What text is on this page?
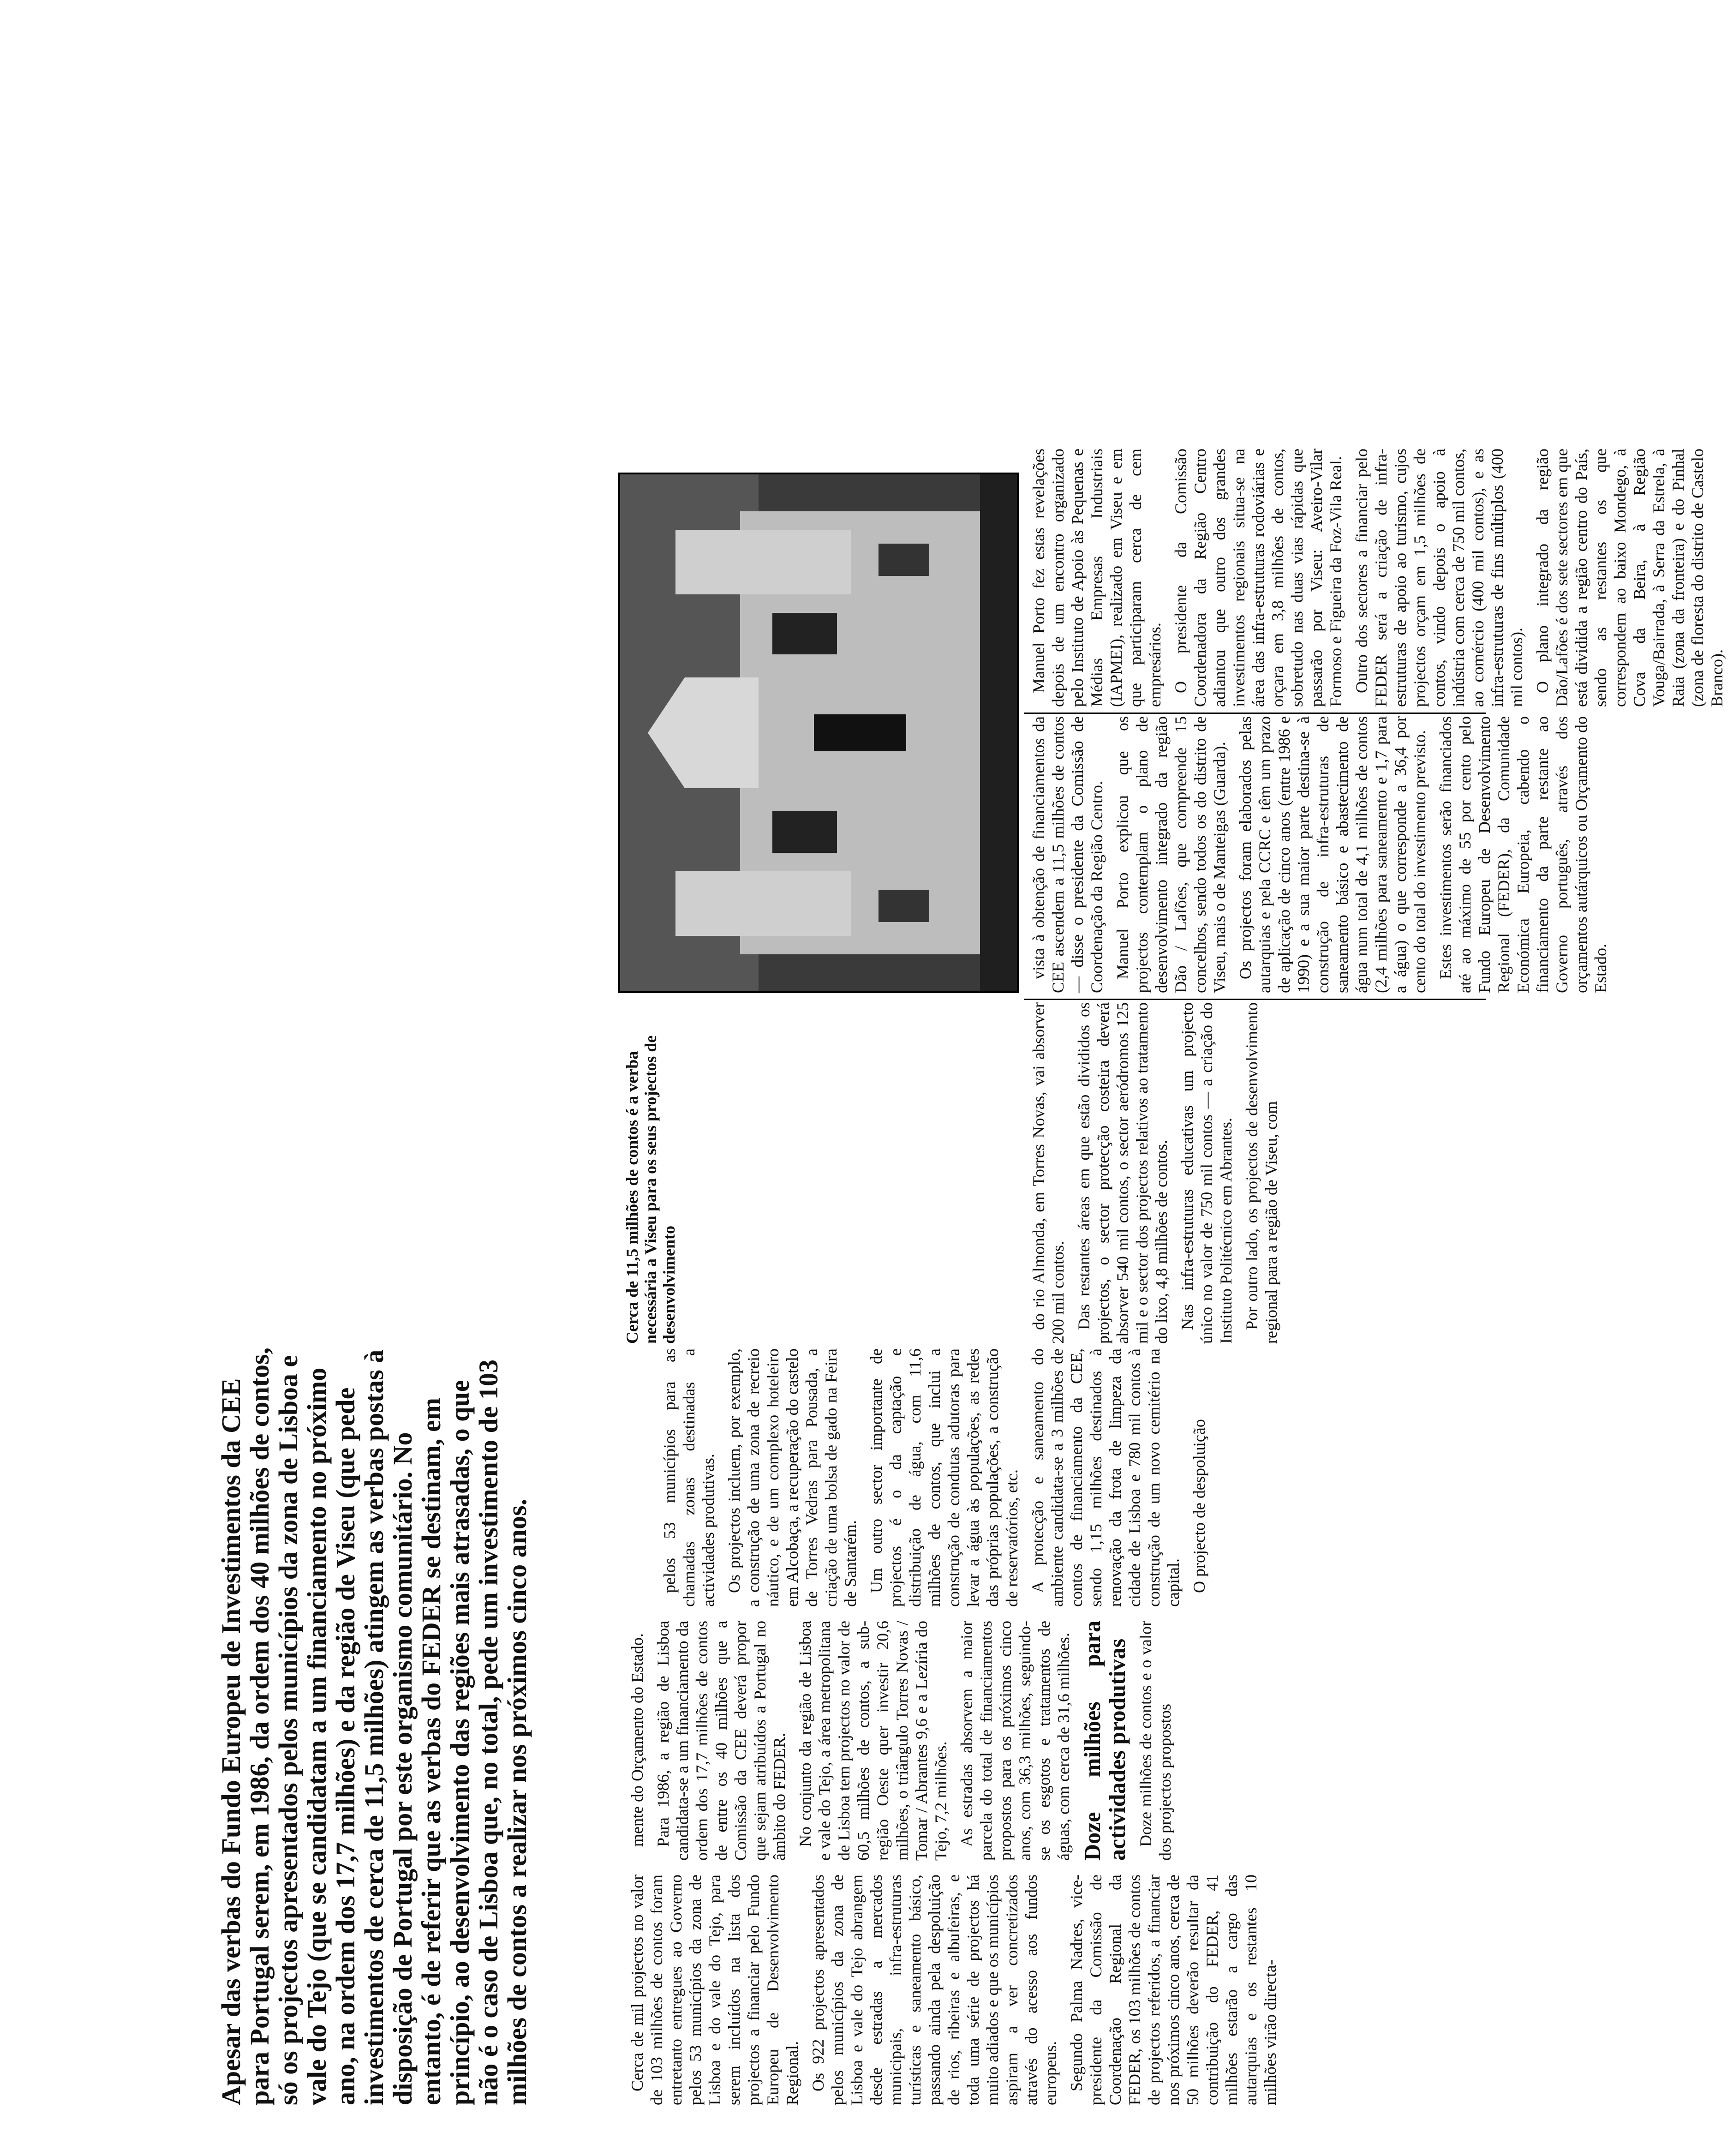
Apesar das verbas do Fundo Europeu de Investimentos da CEE para Portugal serem, em 1986, da ordem dos 40 milhões de contos, só os projectos apresentados pelos municípios da zona de Lisboa e vale do Tejo (que se candidatam a um financiamento no próximo ano, na ordem dos 17,7 milhões) e da região de Viseu (que pede investimentos de cerca de 11,5 milhões) atingem as verbas postas à disposição de Portugal por este organismo comunitário. No entanto, é de referir que as verbas do FEDER se destinam, em princípio, ao desenvolvimento das regiões mais atrasadas, o que não é o caso de Lisboa que, no total, pede um investimento de 103 milhões de contos a realizar nos próximos cinco anos.	Cerca de mil projectos no valor de 103 milhões de contos foram entretanto entregues ao Governo pelos 53 municípios da zona de Lisboa e do vale do Tejo, para serem incluídos na lista dos projectos a financiar pelo Fundo Europeu de Desenvolvimento Regional. Os 922 projectos apresentados pelos municípios da zona de Lisboa e vale do Tejo abrangem desde estradas a mercados municipais, infra-estruturas turísticas e saneamento básico, passando ainda pela despoluição de rios, ribeiras e albufeiras, e toda uma série de projectos há muito adiados e que os municípios aspiram a ver concretizados através do acesso aos fundos europeus. Segundo Palma Nadres, vice-presidente da Comissão de Coordenação Regional da FEDER, os 103 milhões de contos de projectos referidos, a financiar nos próximos cinco anos, cerca de 50 milhões deverão resultar da contribuição do FEDER, 41 milhões estarão a cargo das autarquias e os restantes 10 milhões virão directa-

mente do Orçamento do Estado. Para 1986, a região de Lisboa candidata-se a um financiamento da ordem dos 17,7 milhões de contos de entre os 40 milhões que a Comissão da CEE deverá propor que sejam atribuídos a Portugal no âmbito do FEDER. No conjunto da região de Lisboa e vale do Tejo, a área metropolitana de Lisboa tem projectos no valor de 60,5 milhões de contos, a sub-região Oeste quer investir 20,6 milhões, o triângulo Torres Novas / Tomar / Abrantes 9,6 e a Lezíria do Tejo, 7,2 milhões. As estradas absorvem a maior parcela do total de financiamentos propostos para os próximos cinco anos, com 36,3 milhões, seguindo-se os esgotos e tratamentos de águas, com cerca de 31,6 milhões. Doze milhões para actividades produtivas Doze milhões de contos e o valor dos projectos propostos

pelos 53 municípios para as chamadas zonas destinadas a actividades produtivas. Os projectos incluem, por exemplo, a construção de uma zona de recreio náutico, e de um complexo hoteleiro em Alcobaça, a recuperação do castelo de Torres Vedras para Pousada, a criação de uma bolsa de gado na Feira de Santarém. Um outro sector importante de projectos é o da captação e distribuição de água, com 11,6 milhões de contos, que inclui a construção de condutas adutoras para levar a água às populações, as redes das próprias populações, a construção de reservatórios, etc. A protecção e saneamento do ambiente candidata-se a 3 milhões de contos de financiamento da CEE, sendo 1,15 milhões destinados à renovação da frota de limpeza da cidade de Lisboa e 780 mil contos à construção de um novo cemitério na capital. O projecto de despoluição

Cerca de 11,5 milhões de contos é a verba necessária a Viseu para os seus projectos de desenvolvimento	do rio Almonda, em Torres Novas, vai absorver 200 mil contos. Das restantes áreas em que estão divididos os projectos, o sector protecção costeira deverá absorver 540 mil contos, o sector aeródromos 125 mil e o sector dos projectos relativos ao tratamento do lixo, 4,8 milhões de contos. Nas infra-estruturas educativas um projecto único no valor de 750 mil contos — a criação do Instituto Politécnico em Abrantes. Por outro lado, os projectos de desenvolvimento regional para a região de Viseu, com

vista à obtenção de financiamentos da CEE ascendem a 11,5 milhões de contos — disse o presidente da Comissão de Coordenação da Região Centro. Manuel Porto explicou que os projectos contemplam o plano de desenvolvimento integrado da região Dão / Lafões, que compreende 15 concelhos, sendo todos os do distrito de Viseu, mais o de Manteigas (Guarda). Os projectos foram elaborados pelas autarquias e pela CCRC e têm um prazo de aplicação de cinco anos (entre 1986 e 1990) e a sua maior parte destina-se à construção de infra-estruturas de saneamento básico e abastecimento de água num total de 4,1 milhões de contos (2,4 milhões para saneamento e 1,7 para a água) o que corresponde a 36,4 por cento do total do investimento previsto. Estes investimentos serão financiados até ao máximo de 55 por cento pelo Fundo Europeu de Desenvolvimento Regional (FEDER), da Comunidade Económica Europeia, cabendo o financiamento da parte restante ao Governo português, através dos orçamentos autárquicos ou Orçamento do Estado.

Manuel Porto fez estas revelações depois de um encontro organizado pelo Instituto de Apoio às Pequenas e Médias Empresas Industriais (IAPMEI), realizado em Viseu e em que participaram cerca de cem empresários. O presidente da Comissão Coordenadora da Região Centro adiantou que outro dos grandes investimentos regionais situa-se na área das infra-estruturas rodoviárias e orçara em 3,8 milhões de contos, sobretudo nas duas vias rápidas que passarão por Viseu: Aveiro-Vilar Formoso e Figueira da Foz-Vila Real. Outro dos sectores a financiar pelo FEDER será a criação de infra-estruturas de apoio ao turismo, cujos projectos orçam em 1,5 milhões de contos, vindo depois o apoio à indústria com cerca de 750 mil contos, ao comércio (400 mil contos), e as infra-estruturas de fins múltiplos (400 mil contos). O plano integrado da região Dão/Lafões é dos sete sectores em que está dividida a região centro do País, sendo as restantes os que correspondem ao baixo Mondego, à Cova da Beira, à Região Vouga/Bairrada, à Serra da Estrela, à Raia (zona da fronteira) e do Pinhal (zona de floresta do distrito de Castelo Branco).
